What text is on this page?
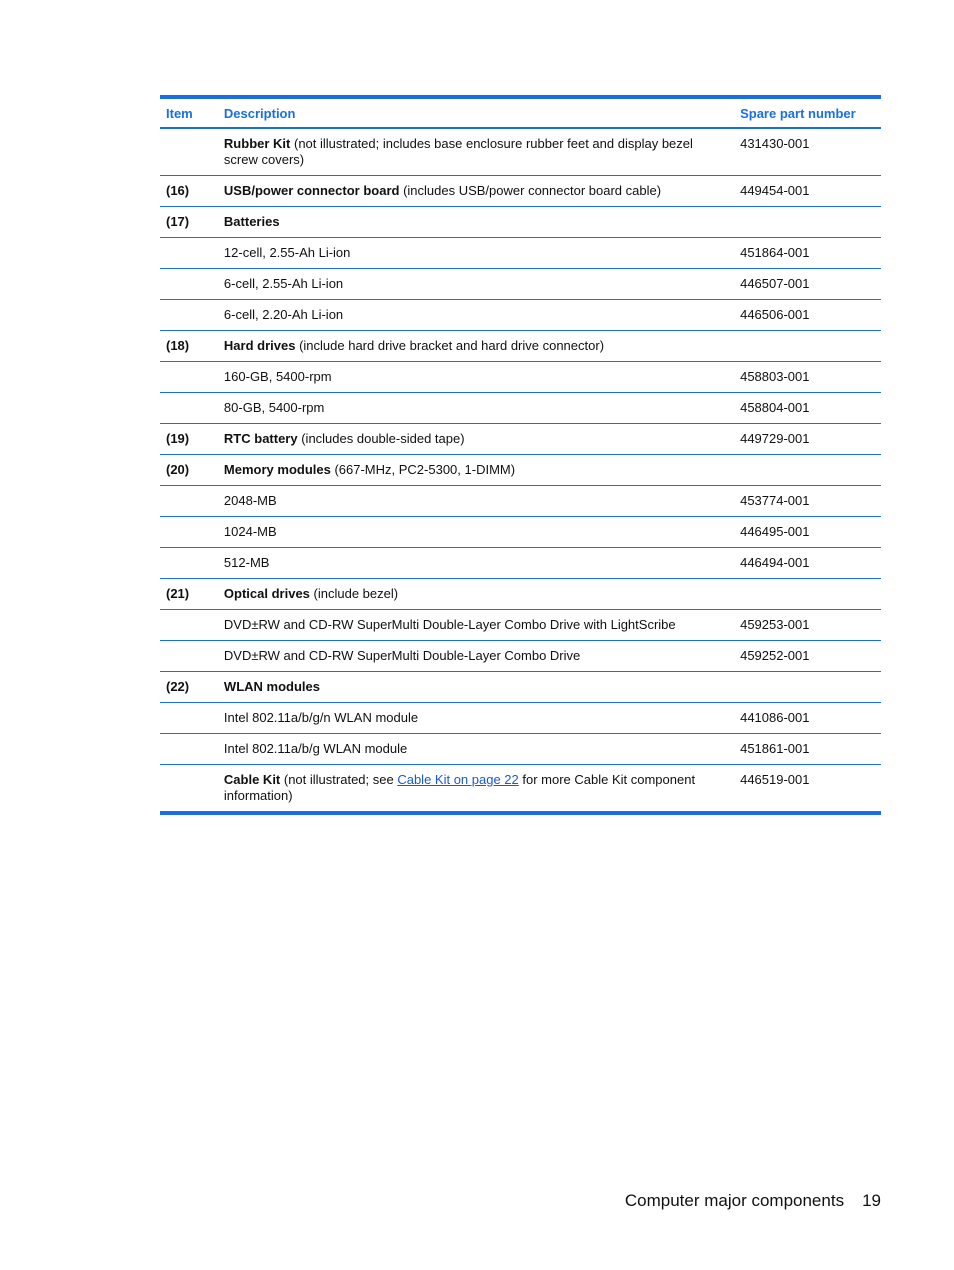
Item	Description	Spare part number
	Rubber Kit (not illustrated; includes base enclosure rubber feet and display bezel screw covers)	431430-001
(16)	USB/power connector board (includes USB/power connector board cable)	449454-001
(17)	Batteries	
	12-cell, 2.55-Ah Li-ion	451864-001
	6-cell, 2.55-Ah Li-ion	446507-001
	6-cell, 2.20-Ah Li-ion	446506-001
(18)	Hard drives (include hard drive bracket and hard drive connector)	
	160-GB, 5400-rpm	458803-001
	80-GB, 5400-rpm	458804-001
(19)	RTC battery (includes double-sided tape)	449729-001
(20)	Memory modules (667-MHz, PC2-5300, 1-DIMM)	
	2048-MB	453774-001
	1024-MB	446495-001
	512-MB	446494-001
(21)	Optical drives (include bezel)	
	DVD±RW and CD-RW SuperMulti Double-Layer Combo Drive with LightScribe	459253-001
	DVD±RW and CD-RW SuperMulti Double-Layer Combo Drive	459252-001
(22)	WLAN modules	
	Intel 802.11a/b/g/n WLAN module	441086-001
	Intel 802.11a/b/g WLAN module	451861-001
	Cable Kit (not illustrated; see Cable Kit on page 22 for more Cable Kit component information)	446519-001
Computer major components 19
